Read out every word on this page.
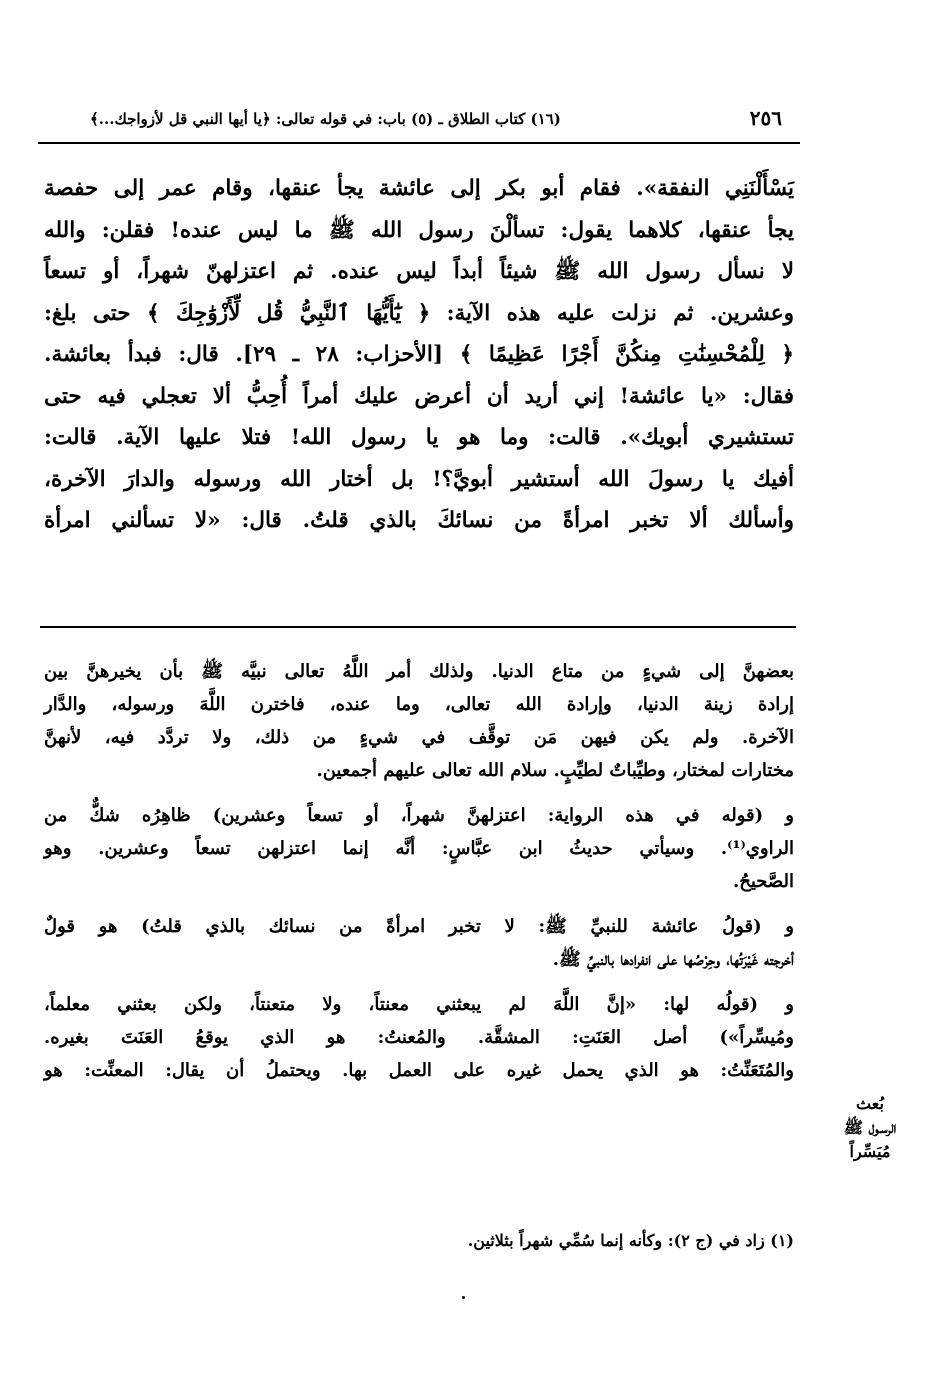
٢٥٦
(١٦) كتاب الطلاق ـ (٥) باب: في قوله تعالى: ﴿يا أيها النبي قل لأزواجك...﴾
يَسْأَلْنَنِي النفقة». فقام أبو بكر إلى عائشة يجأ عنقها، وقام عمر إلى حفصة
يجأ عنقها، كلاهما يقول: تسألْنَ رسول الله ﷺ ما ليس عنده! فقلن: والله
لا نسأل رسول الله ﷺ شيئاً أبداً ليس عنده. ثم اعتزلهنّ شهراً، أو تسعاً
وعشرين. ثم نزلت عليه هذه الآية: ﴿ يَٰٓأَيُّهَا ٱلنَّبِيُّ قُل لِّأَزْوَٰجِكَ ﴾ حتى بلغ:
﴿ لِلْمُحْسِنَٰتِ مِنكُنَّ أَجْرًا عَظِيمًا ﴾ [الأحزاب: ٢٨ ـ ٢٩]. قال: فبدأ بعائشة.
فقال: «يا عائشة! إني أريد أن أعرض عليك أمراً أُحِبُّ ألا تعجلي فيه حتى
تستشيري أبويك». قالت: وما هو يا رسول الله! فتلا عليها الآية. قالت:
أفيك يا رسولَ الله أستشير أبويَّ؟! بل أختار الله ورسوله والدارَ الآخرة،
وأسألك ألا تخبر امرأةً من نسائكَ بالذي قلتُ. قال: «لا تسألني امرأة
بعضهنَّ إلى شيءٍ من متاع الدنيا. ولذلك أمر اللَّهُ تعالى نبيَّه ﷺ بأن يخيرهنَّ بين
إرادة زينة الدنيا، وإرادة الله تعالى، وما عنده، فاخترن اللَّهَ ورسوله، والدَّار
الآخرة. ولم يكن فيهن مَن توقَّف في شيءٍ من ذلك، ولا تردَّد فيه، لأنهنَّ
مختارات لمختار، وطيِّباتٌ لطيِّبٍ. سلام الله تعالى عليهم أجمعين.
و (قوله في هذه الرواية: اعتزلهنَّ شهراً، أو تسعاً وعشرين) ظاهِرُه شكٌّ من
الراوي⁽¹⁾. وسيأتي حديثُ ابن عبَّاسٍ: أنَّه إنما اعتزلهن تسعاً وعشرين. وهو
الصَّحيحُ.
و (قولُ عائشة للنبيِّ ﷺ: لا تخبر امرأةً من نسائك بالذي قلتُ) هو قولٌ
أخرجته غَيْرَتُها، وحِرْصُها على انفرادها بالنبيِّ ﷺ.
و (قولُه لها: «إنَّ اللَّهَ لم يبعثني معنتاً، ولا متعنتاً، ولكن بعثني معلماً،
ومُيسِّراً») أصل العَنَتِ: المشقَّة. والمُعنتُ: هو الذي يوقعُ العَنَتَ بغيره.
والمُتَعَنِّتُ: هو الذي يحمل غيره على العمل بها. ويحتملُ أن يقال: المعنِّت: هو
بُعث
الرسـول ﷺ
مُيَسِّراً
(١) زاد في (ج ٢): وكأنه إنما سُمِّي شهراً بثلاثين.
